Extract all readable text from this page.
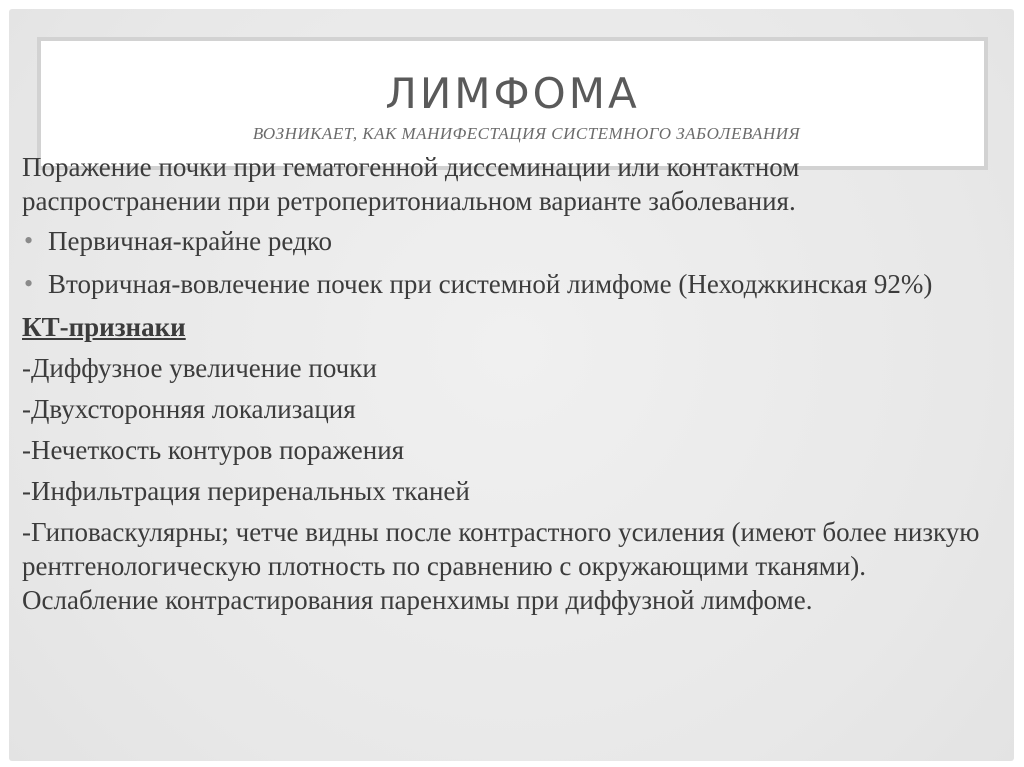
ЛИМФОМА

ВОЗНИКАЕТ, КАК МАНИФЕСТАЦИЯ СИСТЕМНОГО ЗАБОЛЕВАНИЯ

Поражение почки при гематогенной диссеминации или контактном распространении при ретроперитониальном варианте заболевания.

• Первичная-крайне редко
• Вторичная-вовлечение почек при системной лимфоме (Неходжкинская 92%)

КТ-признаки

-Диффузное увеличение почки

-Двухсторонняя локализация

-Нечеткость контуров поражения

-Инфильтрация периренальных тканей

-Гиповаскулярны; четче видны после контрастного усиления (имеют более низкую рентгенологическую плотность по сравнению с окружающими тканями). Ослабление контрастирования паренхимы при диффузной лимфоме.
